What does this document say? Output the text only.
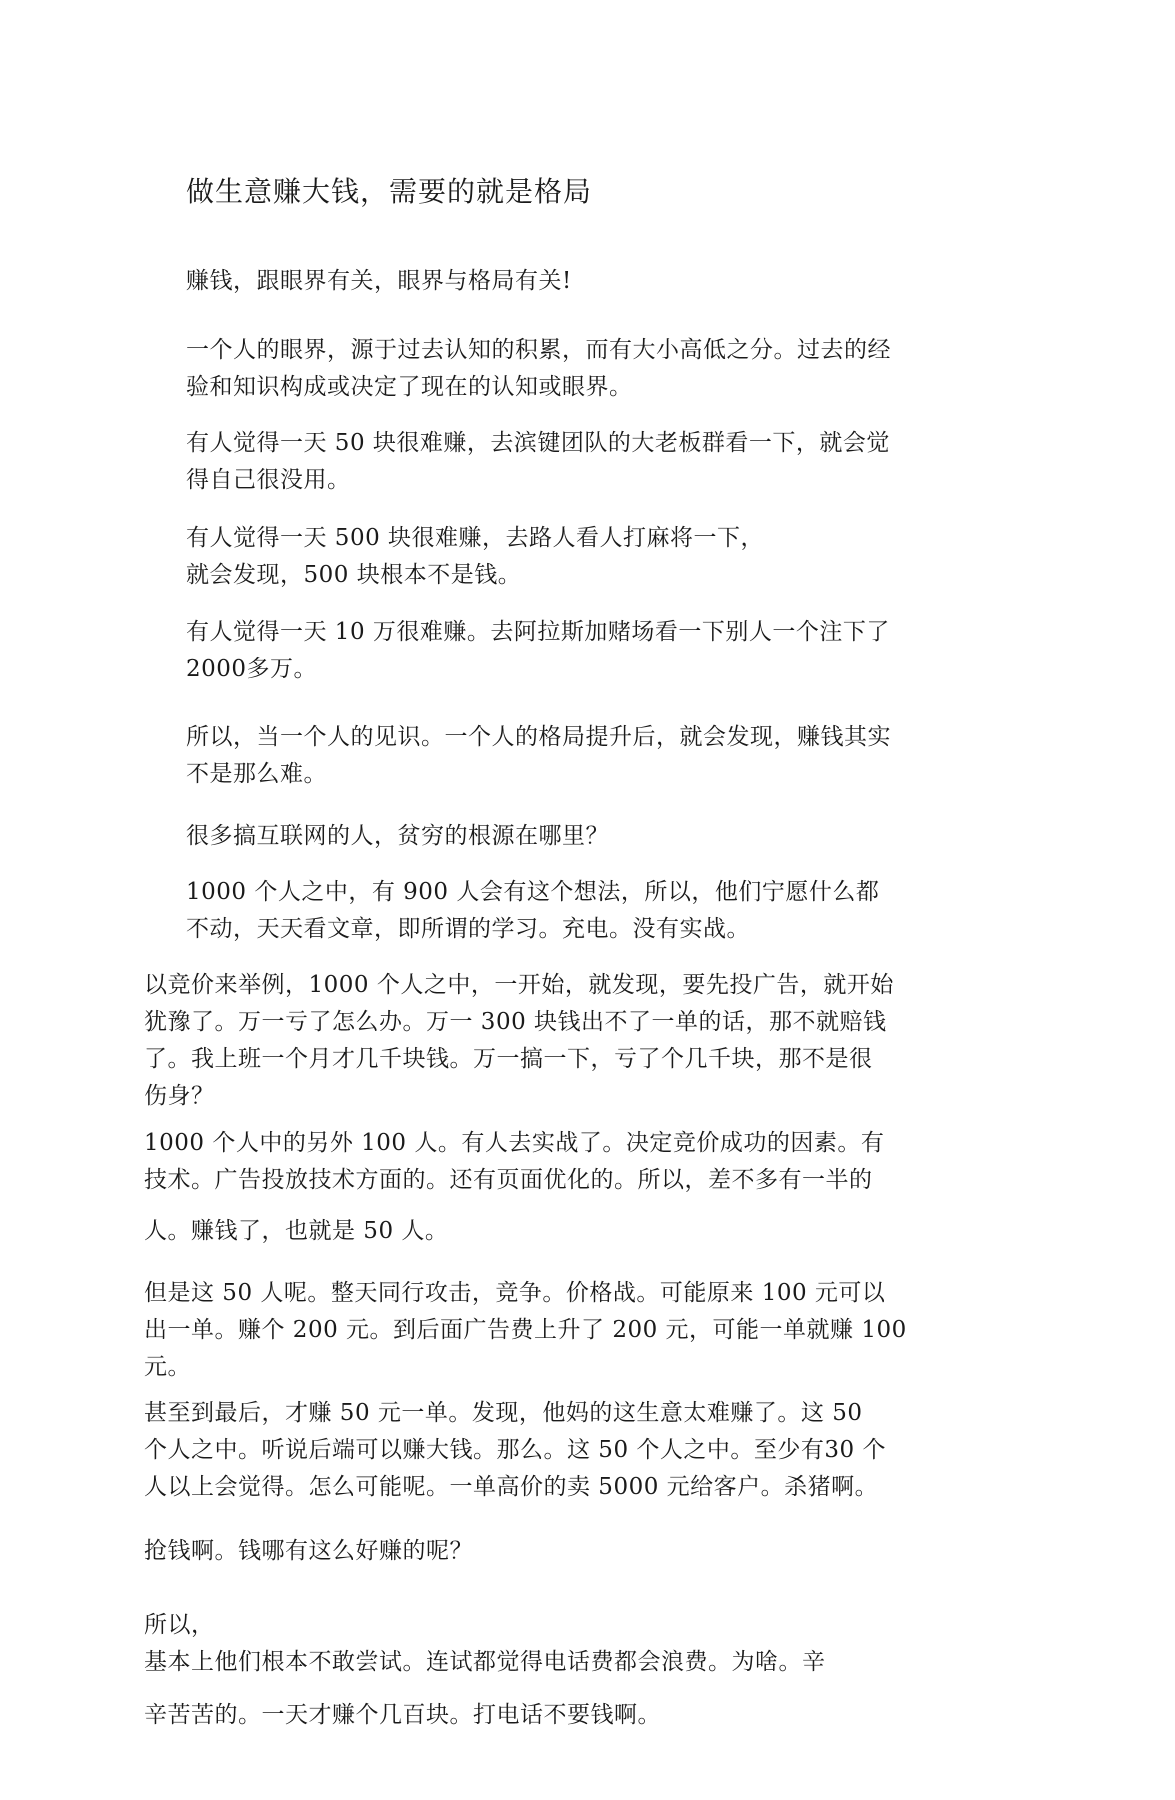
做生意赚大钱，需要的就是格局
赚钱，跟眼界有关，眼界与格局有关!
一个人的眼界，源于过去认知的积累，而有大小高低之分。过去的经
验和知识构成或决定了现在的认知或眼界。
有人觉得一天 50 块很难赚，去滨键团队的大老板群看一下，就会觉
得自己很没用。
有人觉得一天 500 块很难赚，去路人看人打麻将一下，
就会发现，500 块根本不是钱。
有人觉得一天 10 万很难赚。去阿拉斯加赌场看一下别人一个注下了
2000多万。
所以，当一个人的见识。一个人的格局提升后，就会发现，赚钱其实
不是那么难。
很多搞互联网的人，贫穷的根源在哪里？
1000 个人之中，有 900 人会有这个想法，所以，他们宁愿什么都
不动，天天看文章，即所谓的学习。充电。没有实战。
以竞价来举例，1000 个人之中，一开始，就发现，要先投广告，就开始
犹豫了。万一亏了怎么办。万一 300 块钱出不了一单的话，那不就赔钱
了。我上班一个月才几千块钱。万一搞一下，亏了个几千块，那不是很
伤身？
1000 个人中的另外 100 人。有人去实战了。决定竞价成功的因素。有
技术。广告投放技术方面的。还有页面优化的。所以，差不多有一半的
人。赚钱了，也就是 50 人。
但是这 50 人呢。整天同行攻击，竞争。价格战。可能原来 100 元可以
出一单。赚个 200 元。到后面广告费上升了 200 元，可能一单就赚 100
元。
甚至到最后，才赚 50 元一单。发现，他妈的这生意太难赚了。这 50
个人之中。听说后端可以赚大钱。那么。这 50 个人之中。至少有30 个
人以上会觉得。怎么可能呢。一单高价的卖 5000 元给客户。杀猪啊。
抢钱啊。钱哪有这么好赚的呢？
所以，
基本上他们根本不敢尝试。连试都觉得电话费都会浪费。为啥。辛
辛苦苦的。一天才赚个几百块。打电话不要钱啊。
